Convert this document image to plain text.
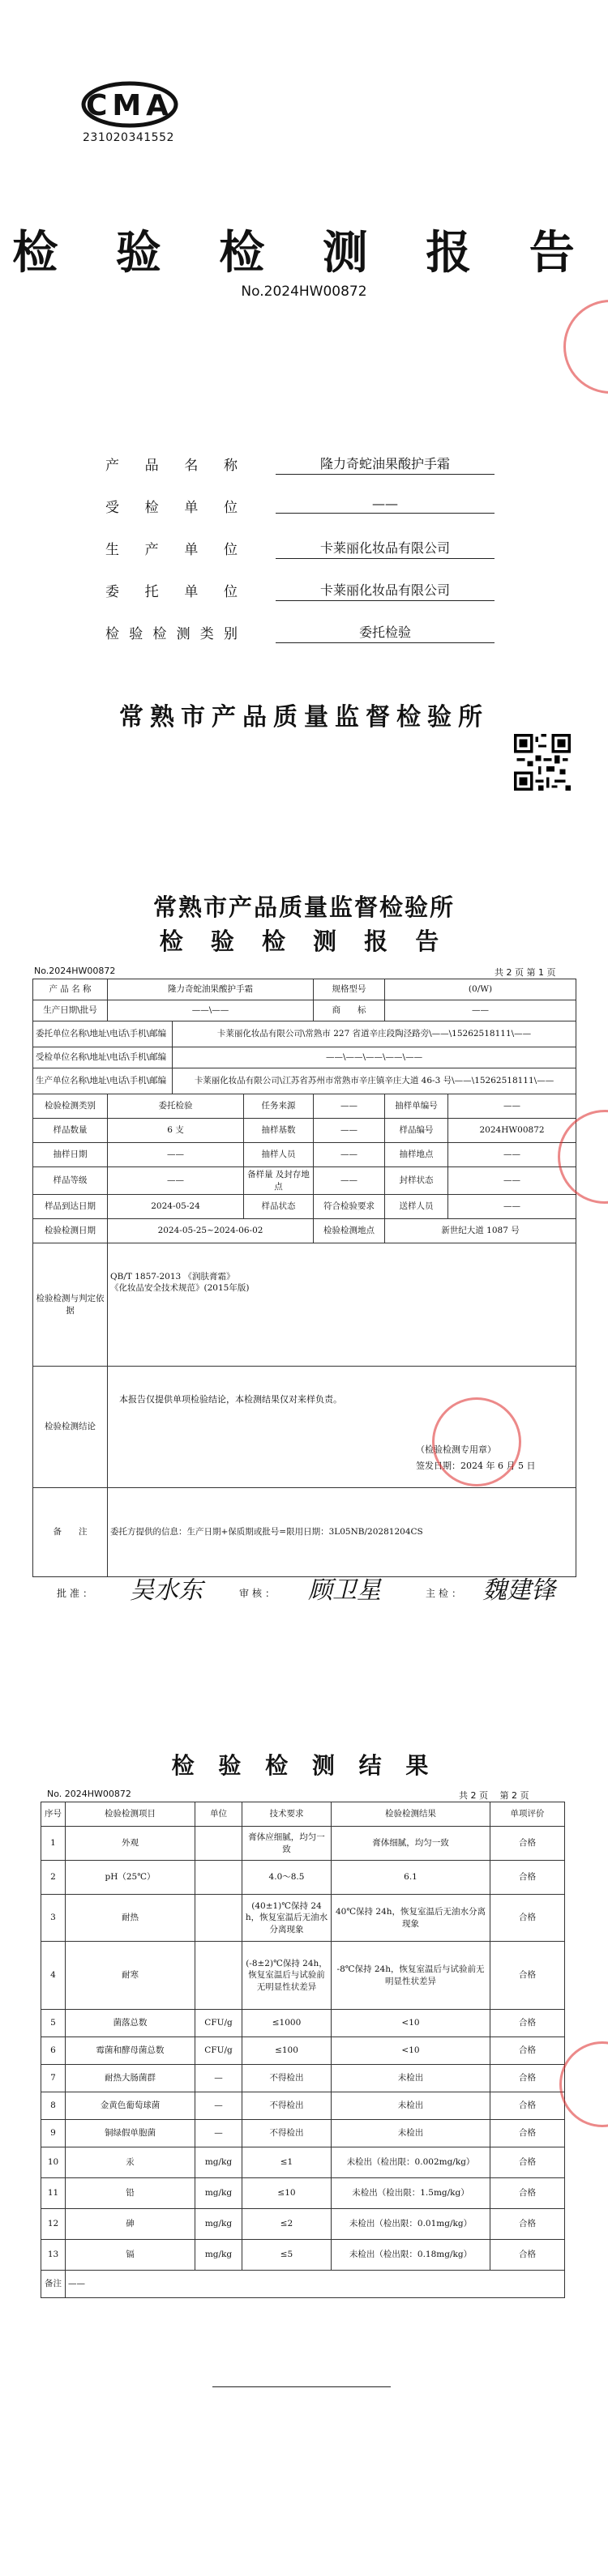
CMA
231020341552
检 验 检 测 报 告
No.2024HW00872
产 品 名 称	隆力奇蛇油果酸护手霜
受 检 单 位	——
生 产 单 位	卡莱丽化妆品有限公司
委 托 单 位	卡莱丽化妆品有限公司
检验检测类别	委托检验
常熟市产品质量监督检验所
常熟市产品质量监督检验所
检 验 检 测 报 告
No.2024HW00872	共 2 页 第 1 页
产 品 名 称	隆力奇蛇油果酸护手霜			规格型号	(0/W)	
生产日期\批号	——\——			商　　标	——	
委托单位名称\地址\电话\手机\邮编		卡莱丽化妆品有限公司\常熟市 227 省道辛庄段陶泾路旁\——\15262518111\——				
受检单位名称\地址\电话\手机\邮编		——\——\——\——\——				
生产单位名称\地址\电话\手机\邮编		卡莱丽化妆品有限公司\江苏省苏州市常熟市辛庄镇辛庄大道 46-3 号\——\15262518111\——				
检验检测类别	委托检验		任务来源	——	抽样单编号	——
样品数量	6 支		抽样基数	——	样品编号	2024HW00872
抽样日期	——		抽样人员	——	抽样地点	——
样品等级	——		备样量 及封存地点	——	封样状态	——
样品到达日期	2024-05-24		样品状态	符合检验要求	送样人员	——
检验检测日期	2024-05-25~2024-06-02			检验检测地点	新世纪大道 1087 号	
检验检测与判定依据	QB/T 1857-2013 《润肤膏霜》
《化妆品安全技术规范》(2015年版)					

检验检测结论	本报告仅提供单项检验结论，本检测结果仅对来样负责。
（检验检测专用章）
签发日期：2024 年 6 月 5 日					

备　　注	委托方提供的信息：生产日期+保质期或批号=限用日期：3L05NB/20281204CS					
批准： 吴水东	审核： 顾卫星	主检： 魏建锋
检 验 检 测 结 果
No. 2024HW00872	共 2 页 　第 2 页
序号	检验检测项目	单位	技术要求	检验检测结果	单项评价
1	外观		膏体应细腻，均匀一致	膏体细腻，均匀一致	合格
2	pH（25℃）		4.0～8.5	6.1	合格
3	耐热		(40±1)℃保持 24h，恢复室温后无油水分离现象	40℃保持 24h，恢复室温后无油水分离现象	合格
4	耐寒		(-8±2)℃保持 24h，恢复室温后与试验前无明显性状差异	-8℃保持 24h，恢复室温后与试验前无明显性状差异	合格
5	菌落总数	CFU/g	≤1000	<10	合格
6	霉菌和酵母菌总数	CFU/g	≤100	<10	合格
7	耐热大肠菌群	—	不得检出	未检出	合格
8	金黄色葡萄球菌	—	不得检出	未检出	合格
9	铜绿假单胞菌	—	不得检出	未检出	合格
10	汞	mg/kg	≤1	未检出（检出限：0.002mg/kg）	合格
11	铅	mg/kg	≤10	未检出（检出限：1.5mg/kg）	合格
12	砷	mg/kg	≤2	未检出（检出限：0.01mg/kg）	合格
13	镉	mg/kg	≤5	未检出（检出限：0.18mg/kg）	合格
备注	——				
